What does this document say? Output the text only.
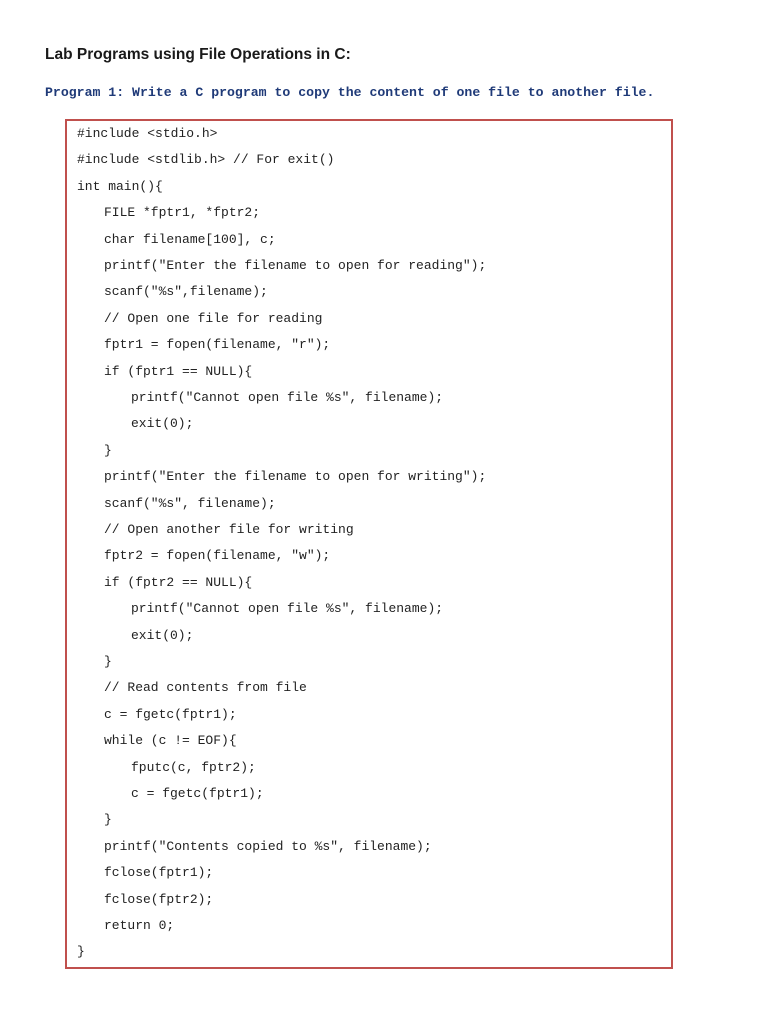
Lab Programs using File Operations in C:
Program 1: Write a C program to copy the content of one file to another file.
#include <stdio.h>
#include <stdlib.h> // For exit()
int main(){
FILE *fptr1, *fptr2;
char filename[100], c;
printf("Enter the filename to open for reading");
scanf("%s",filename);
// Open one file for reading
fptr1 = fopen(filename, "r");
if (fptr1 == NULL){
printf("Cannot open file %s", filename);
exit(0);
}
printf("Enter the filename to open for writing");
scanf("%s", filename);
// Open another file for writing
fptr2 = fopen(filename, "w");
if (fptr2 == NULL){
printf("Cannot open file %s", filename);
exit(0);
}
// Read contents from file
c = fgetc(fptr1);
while (c != EOF){
fputc(c, fptr2);
c = fgetc(fptr1);
}
printf("Contents copied to %s", filename);
fclose(fptr1);
fclose(fptr2);
return 0;
}
